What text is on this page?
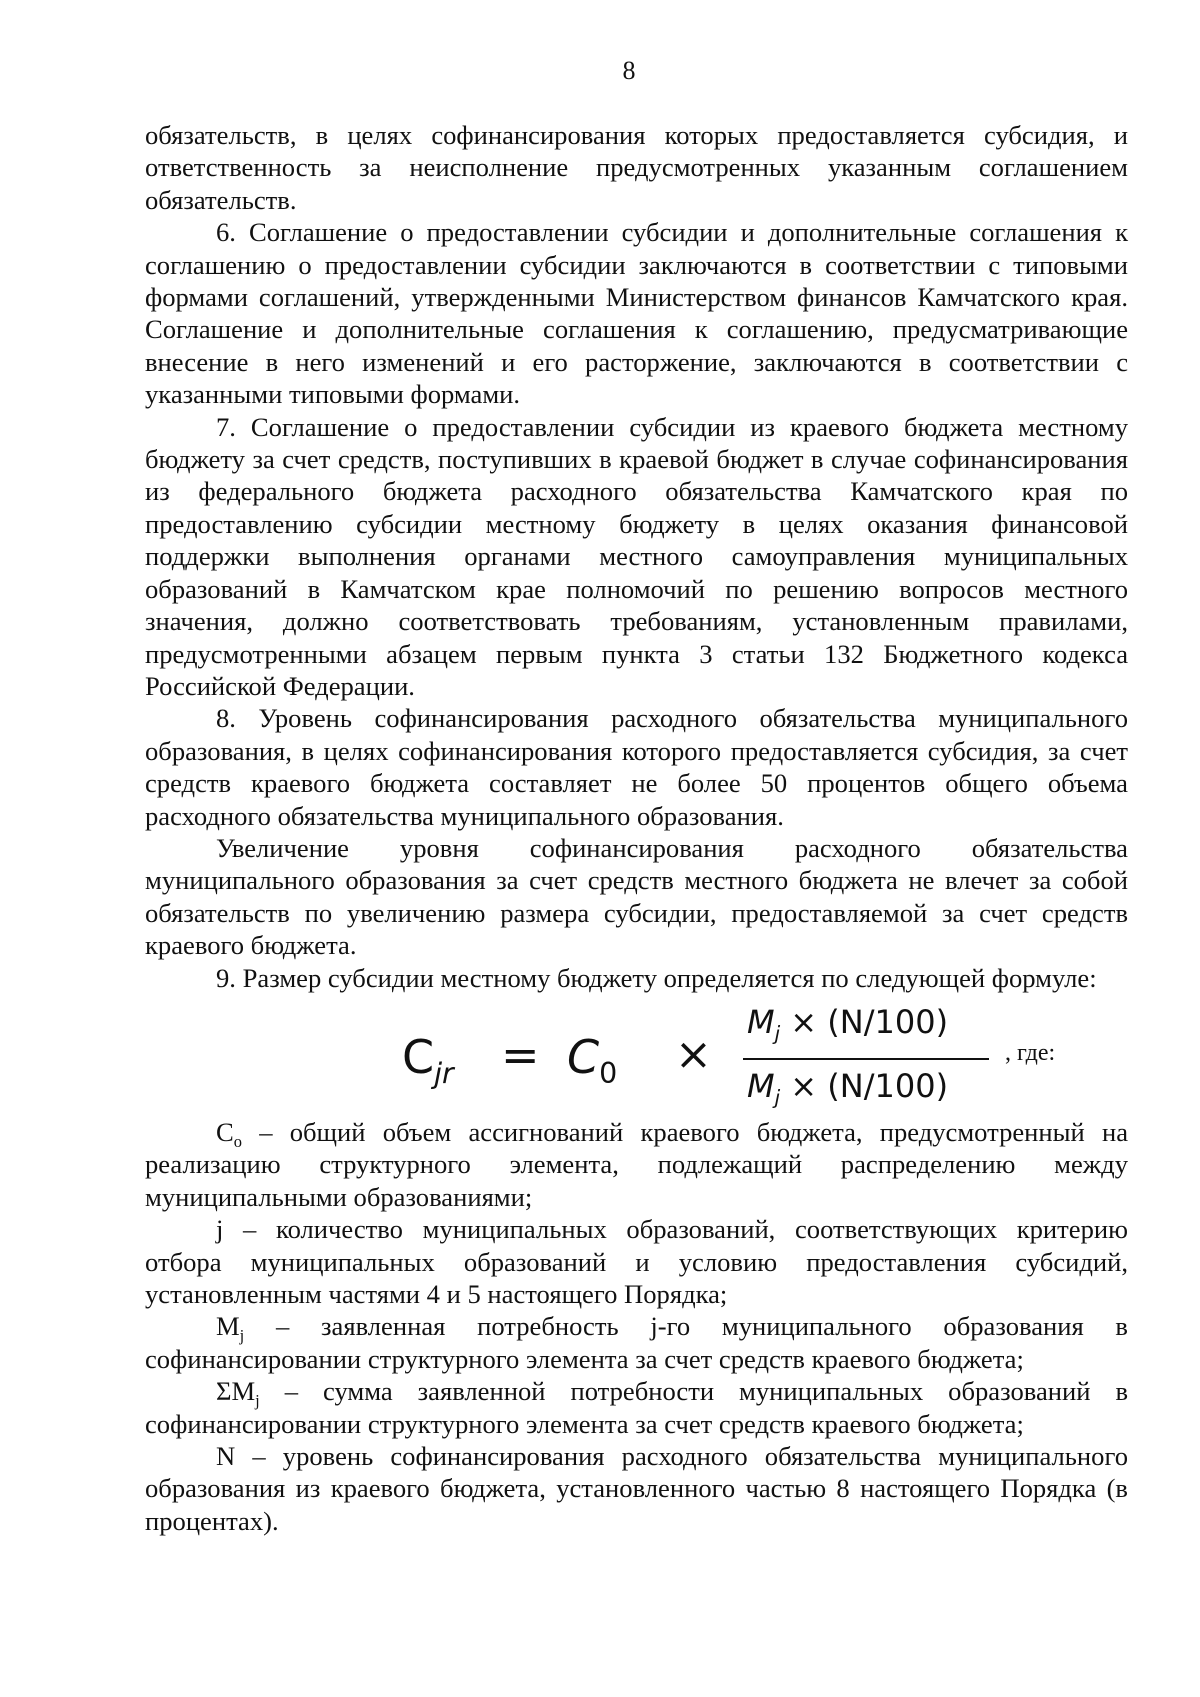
8

обязательств, в целях софинансирования которых предоставляется субсидия, и ответственность за неисполнение предусмотренных указанным соглашением обязательств.

6. Соглашение о предоставлении субсидии и дополнительные соглашения к соглашению о предоставлении субсидии заключаются в соответствии с типовыми формами соглашений, утвержденными Министерством финансов Камчатского края. Соглашение и дополнительные соглашения к соглашению, предусматривающие внесение в него изменений и его расторжение, заключаются в соответствии с указанными типовыми формами.

7. Соглашение о предоставлении субсидии из краевого бюджета местному бюджету за счет средств, поступивших в краевой бюджет в случае софинансирования из федерального бюджета расходного обязательства Камчатского края по предоставлению субсидии местному бюджету в целях оказания финансовой поддержки выполнения органами местного самоуправления муниципальных образований в Камчатском крае полномочий по решению вопросов местного значения, должно соответствовать требованиям, установленным правилами, предусмотренными абзацем первым пункта 3 статьи 132 Бюджетного кодекса Российской Федерации.

8. Уровень софинансирования расходного обязательства муниципального образования, в целях софинансирования которого предоставляется субсидия, за счет средств краевого бюджета составляет не более 50 процентов общего объема расходного обязательства муниципального образования.

Увеличение уровня софинансирования расходного обязательства муниципального образования за счет средств местного бюджета не влечет за собой обязательств по увеличению размера субсидии, предоставляемой за счет средств краевого бюджета.

9. Размер субсидии местному бюджету определяется по следующей формуле:

$C_{jr} = C_0$ ×
$M_j \times (N/100)$
$M_j \times (N/100)$
, где:

$C_o$ – общий объем ассигнований краевого бюджета, предусмотренный на реализацию структурного элемента, подлежащий распределению между муниципальными образованиями;

j – количество муниципальных образований, соответствующих критерию отбора муниципальных образований и условию предоставления субсидий, установленным частями 4 и 5 настоящего Порядка;

$M_j$ – заявленная потребность j-го муниципального образования в софинансировании структурного элемента за счет средств краевого бюджета;

$\Sigma M_j$ – сумма заявленной потребности муниципальных образований в софинансировании структурного элемента за счет средств краевого бюджета;

N – уровень софинансирования расходного обязательства муниципального образования из краевого бюджета, установленного частью 8 настоящего Порядка (в процентах).
